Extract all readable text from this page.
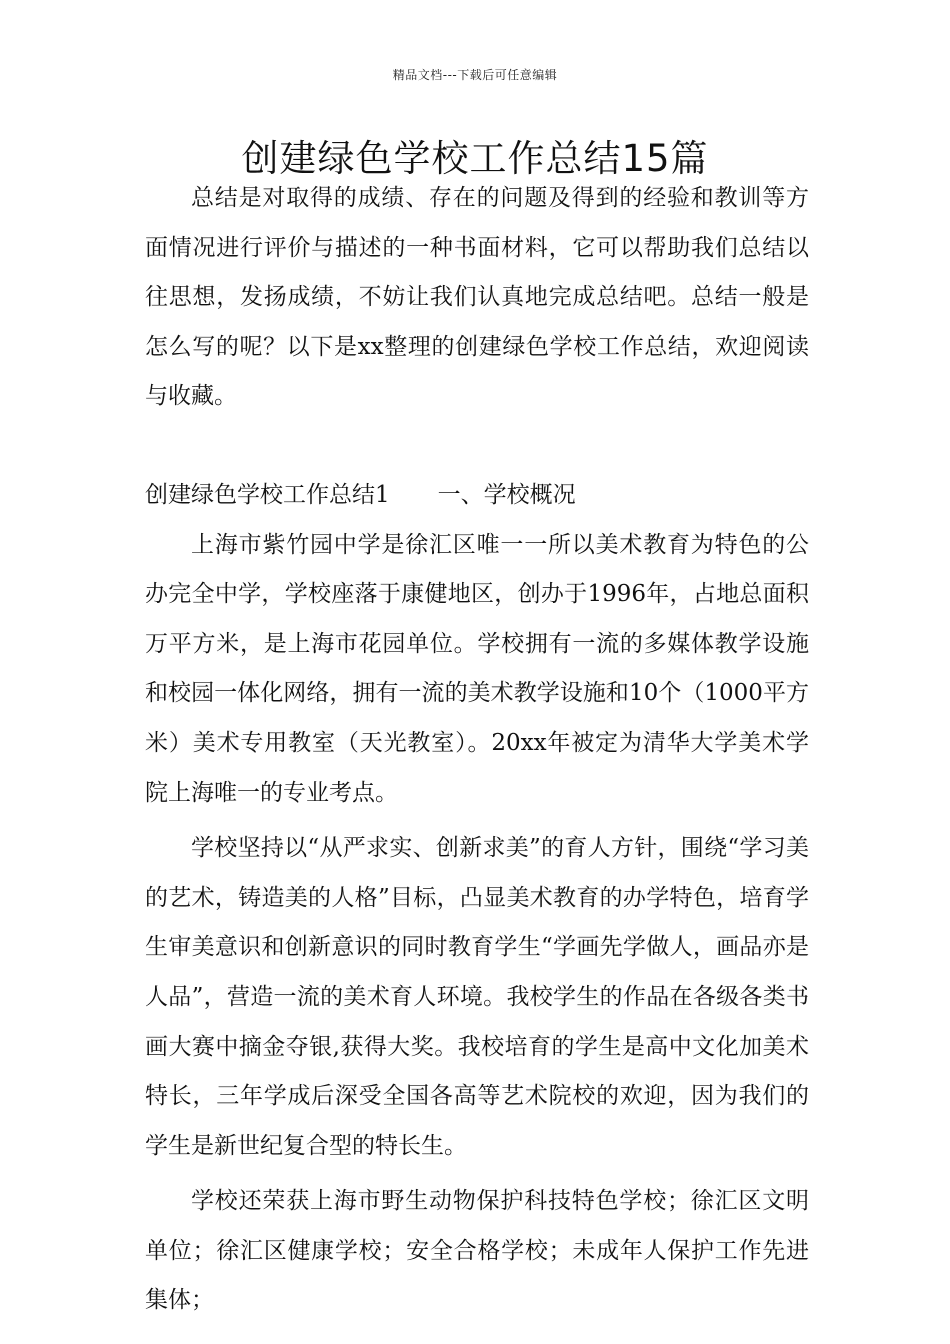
精品文档---下载后可任意编辑
创建绿色学校工作总结15篇

总结是对取得的成绩、存在的问题及得到的经验和教训等方面情况进行评价与描述的一种书面材料，它可以帮助我们总结以往思想，发扬成绩，不妨让我们认真地完成总结吧。总结一般是怎么写的呢？以下是xx整理的创建绿色学校工作总结，欢迎阅读与收藏。

创建绿色学校工作总结1 一、学校概况

上海市紫竹园中学是徐汇区唯一一所以美术教育为特色的公办完全中学，学校座落于康健地区，创办于1996年，占地总面积万平方米，是上海市花园单位。学校拥有一流的多媒体教学设施和校园一体化网络，拥有一流的美术教学设施和10个（1000平方米）美术专用教室（天光教室）。20xx年被定为清华大学美术学院上海唯一的专业考点。

学校坚持以“从严求实、创新求美”的育人方针，围绕“学习美的艺术，铸造美的人格”目标，凸显美术教育的办学特色，培育学生审美意识和创新意识的同时教育学生“学画先学做人，画品亦是人品”，营造一流的美术育人环境。我校学生的作品在各级各类书画大赛中摘金夺银,获得大奖。我校培育的学生是高中文化加美术特长，三年学成后深受全国各高等艺术院校的欢迎，因为我们的学生是新世纪复合型的特长生。

学校还荣获上海市野生动物保护科技特色学校；徐汇区文明单位；徐汇区健康学校；安全合格学校；未成年人保护工作先进集体；
